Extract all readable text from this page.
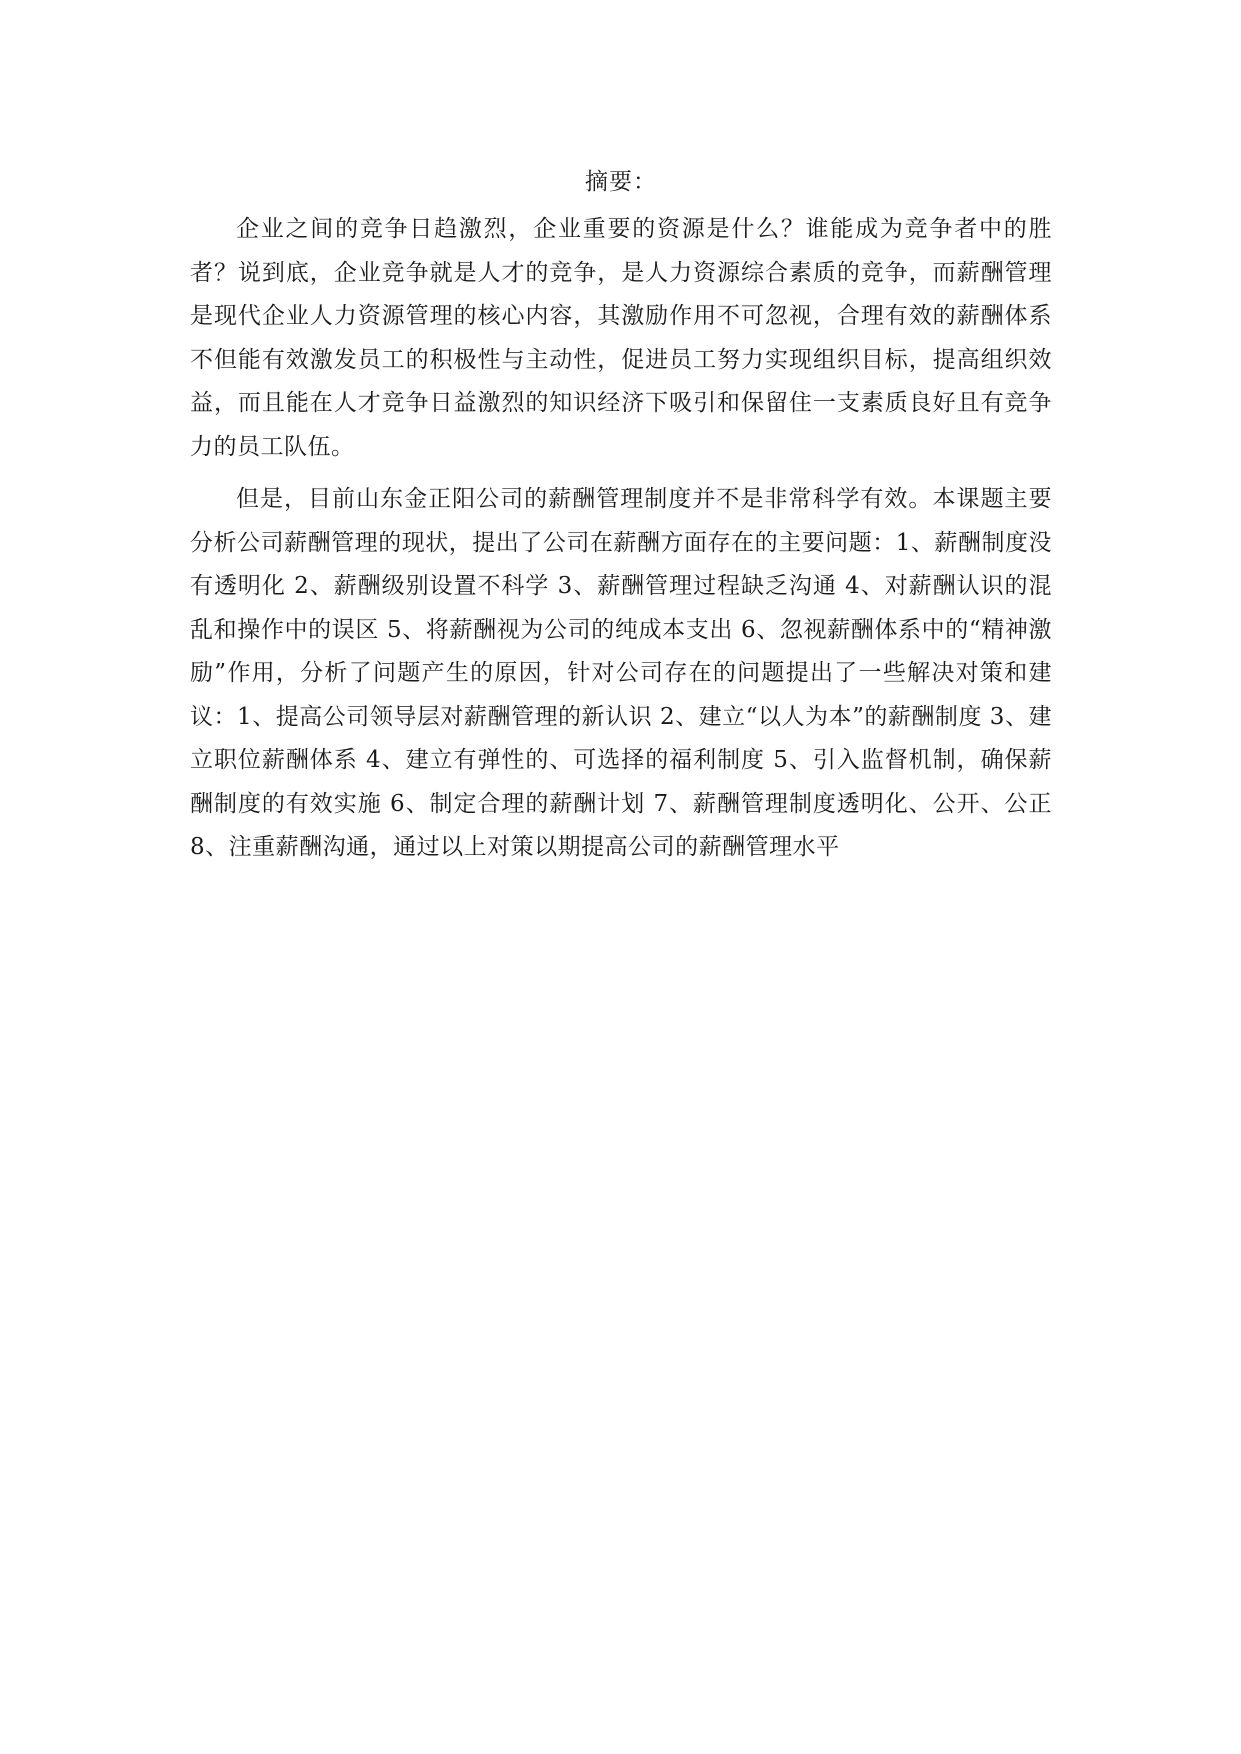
摘要：

企业之间的竞争日趋激烈，企业重要的资源是什么？谁能成为竞争者中的胜者？说到底，企业竞争就是人才的竞争，是人力资源综合素质的竞争，而薪酬管理是现代企业人力资源管理的核心内容，其激励作用不可忽视，合理有效的薪酬体系不但能有效激发员工的积极性与主动性，促进员工努力实现组织目标，提高组织效益，而且能在人才竞争日益激烈的知识经济下吸引和保留住一支素质良好且有竞争力的员工队伍。

但是，目前山东金正阳公司的薪酬管理制度并不是非常科学有效。本课题主要分析公司薪酬管理的现状，提出了公司在薪酬方面存在的主要问题：1、薪酬制度没有透明化 2、薪酬级别设置不科学 3、薪酬管理过程缺乏沟通 4、对薪酬认识的混乱和操作中的误区 5、将薪酬视为公司的纯成本支出 6、忽视薪酬体系中的“精神激励”作用，分析了问题产生的原因，针对公司存在的问题提出了一些解决对策和建议：1、提高公司领导层对薪酬管理的新认识 2、建立“以人为本”的薪酬制度 3、建立职位薪酬体系 4、建立有弹性的、可选择的福利制度 5、引入监督机制，确保薪酬制度的有效实施 6、制定合理的薪酬计划 7、薪酬管理制度透明化、公开、公正 8、注重薪酬沟通，通过以上对策以期提高公司的薪酬管理水平
